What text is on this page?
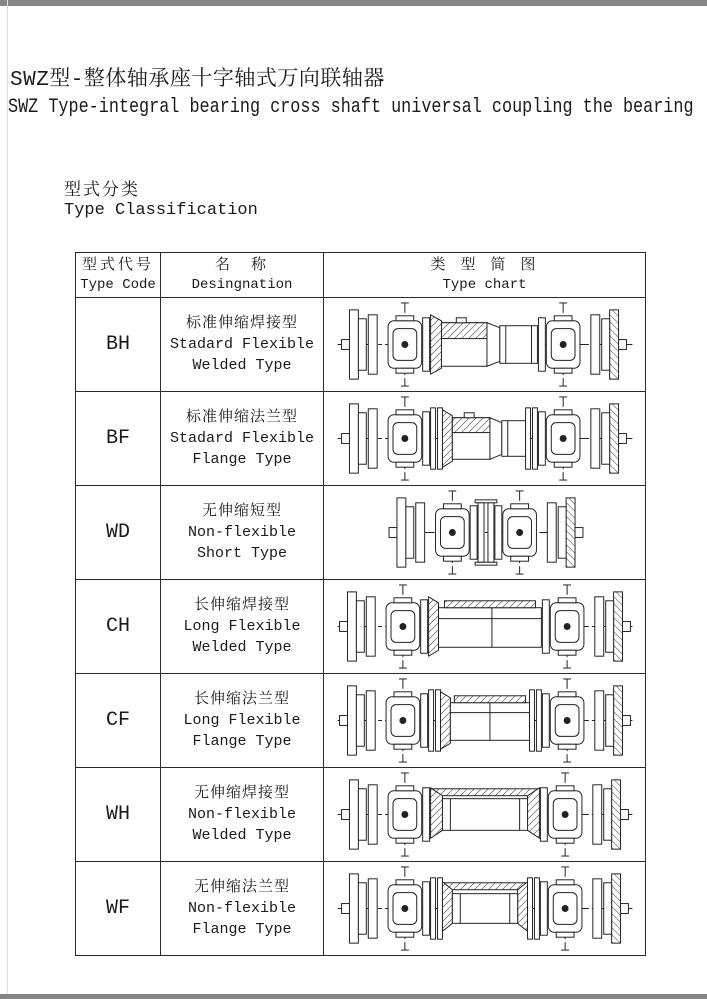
SWZ型-整体轴承座十字轴式万向联轴器
SWZ Type-integral bearing cross shaft universal coupling the bearing
型式分类
Type Classification
型式代号
Type Code

名　称
Desingnation

类 型 简 图
Type chart

BH	标准伸缩焊接型
Stadard Flexible
Welded Type

BF	标准伸缩法兰型
Stadard Flexible
Flange Type

WD	无伸缩短型
Non-flexible
Short Type

CH	长伸缩焊接型
Long Flexible
Welded Type

CF	长伸缩法兰型
Long Flexible
Flange Type

WH	无伸缩焊接型
Non-flexible
Welded Type

WF	无伸缩法兰型
Non-flexible
Flange Type
